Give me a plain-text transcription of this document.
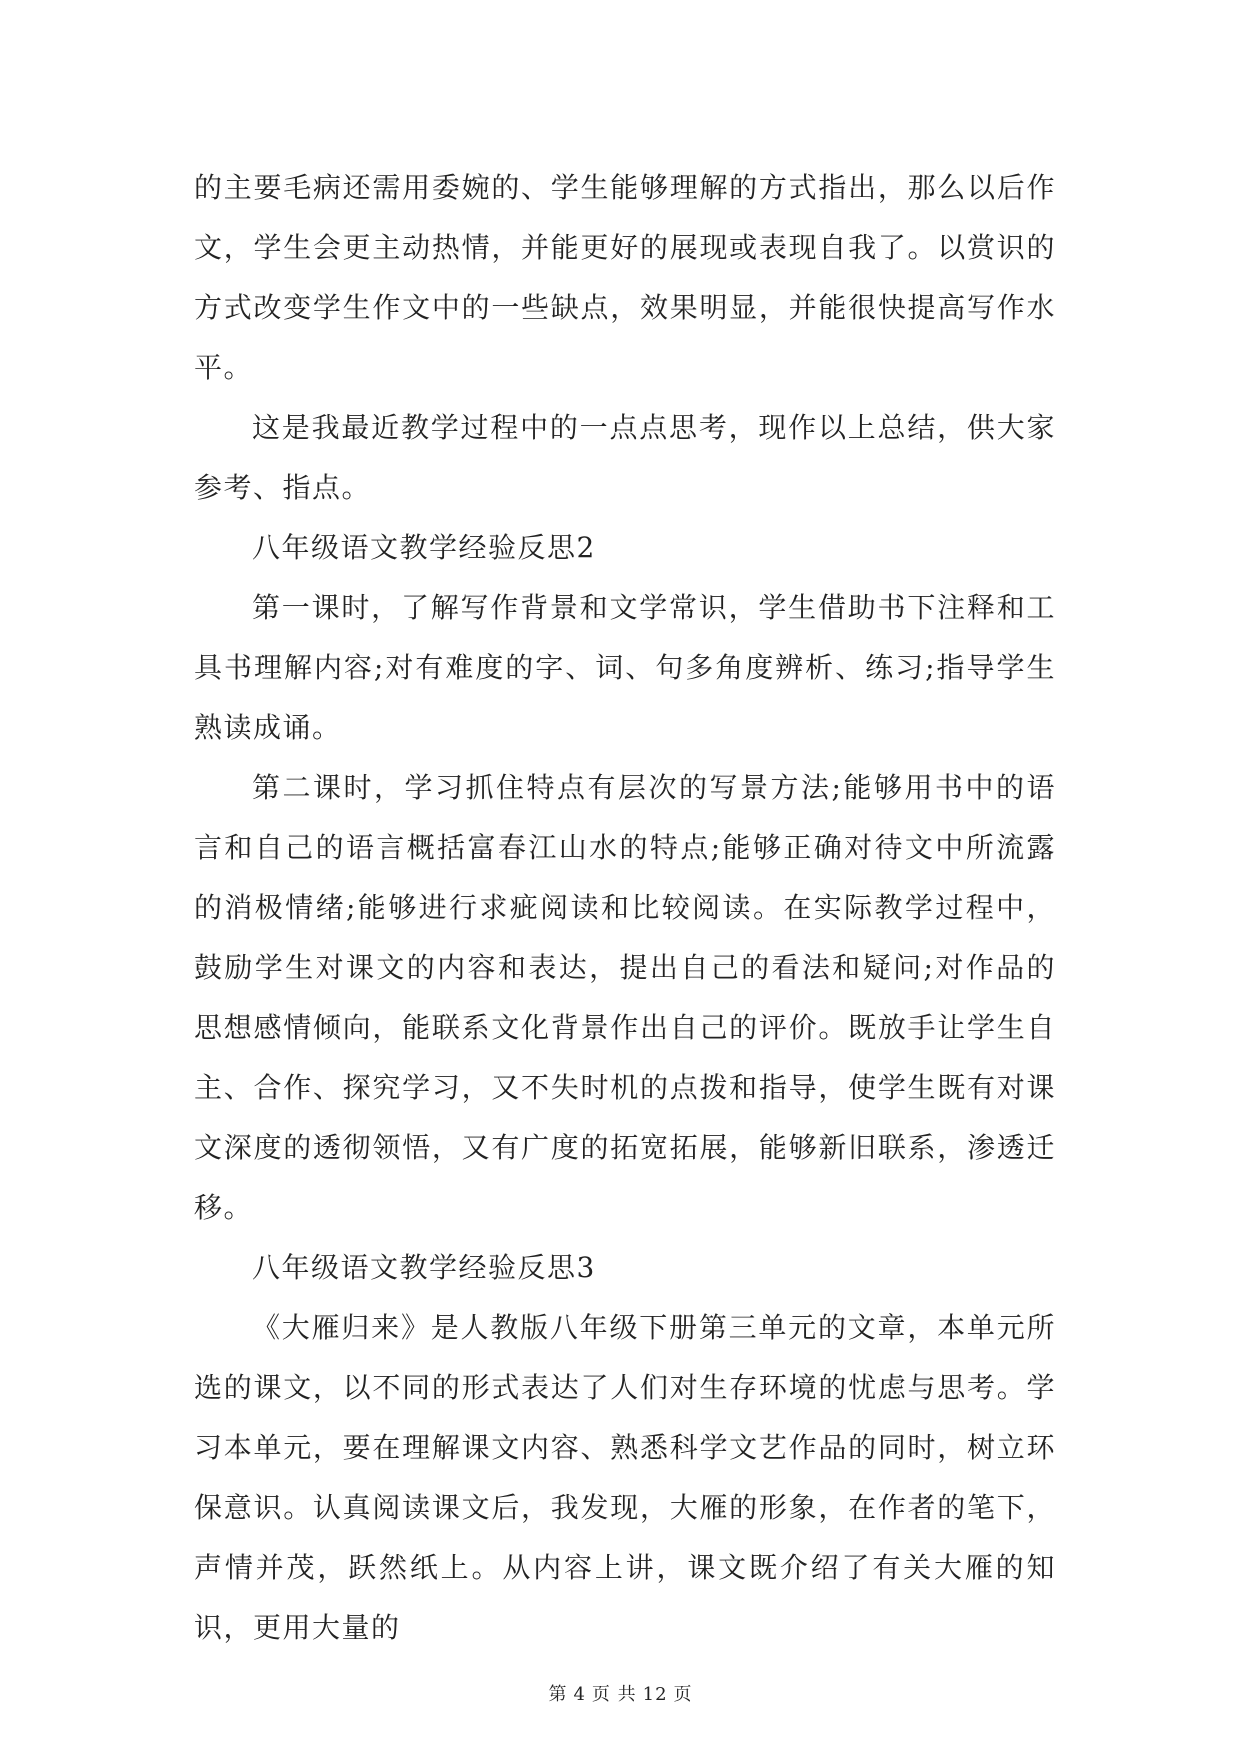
的主要毛病还需用委婉的、学生能够理解的方式指出，那么以后作文，学生会更主动热情，并能更好的展现或表现自我了。以赏识的方式改变学生作文中的一些缺点，效果明显，并能很快提高写作水平。

这是我最近教学过程中的一点点思考，现作以上总结，供大家参考、指点。

八年级语文教学经验反思2

第一课时，了解写作背景和文学常识，学生借助书下注释和工具书理解内容;对有难度的字、词、句多角度辨析、练习;指导学生熟读成诵。

第二课时，学习抓住特点有层次的写景方法;能够用书中的语言和自己的语言概括富春江山水的特点;能够正确对待文中所流露的消极情绪;能够进行求疵阅读和比较阅读。在实际教学过程中，鼓励学生对课文的内容和表达，提出自己的看法和疑问;对作品的思想感情倾向，能联系文化背景作出自己的评价。既放手让学生自主、合作、探究学习，又不失时机的点拨和指导，使学生既有对课文深度的透彻领悟，又有广度的拓宽拓展，能够新旧联系，渗透迁移。

八年级语文教学经验反思3

《大雁归来》是人教版八年级下册第三单元的文章，本单元所选的课文，以不同的形式表达了人们对生存环境的忧虑与思考。学习本单元，要在理解课文内容、熟悉科学文艺作品的同时，树立环保意识。认真阅读课文后，我发现，大雁的形象，在作者的笔下，声情并茂，跃然纸上。从内容上讲，课文既介绍了有关大雁的知识，更用大量的

第 4 页 共 12 页
